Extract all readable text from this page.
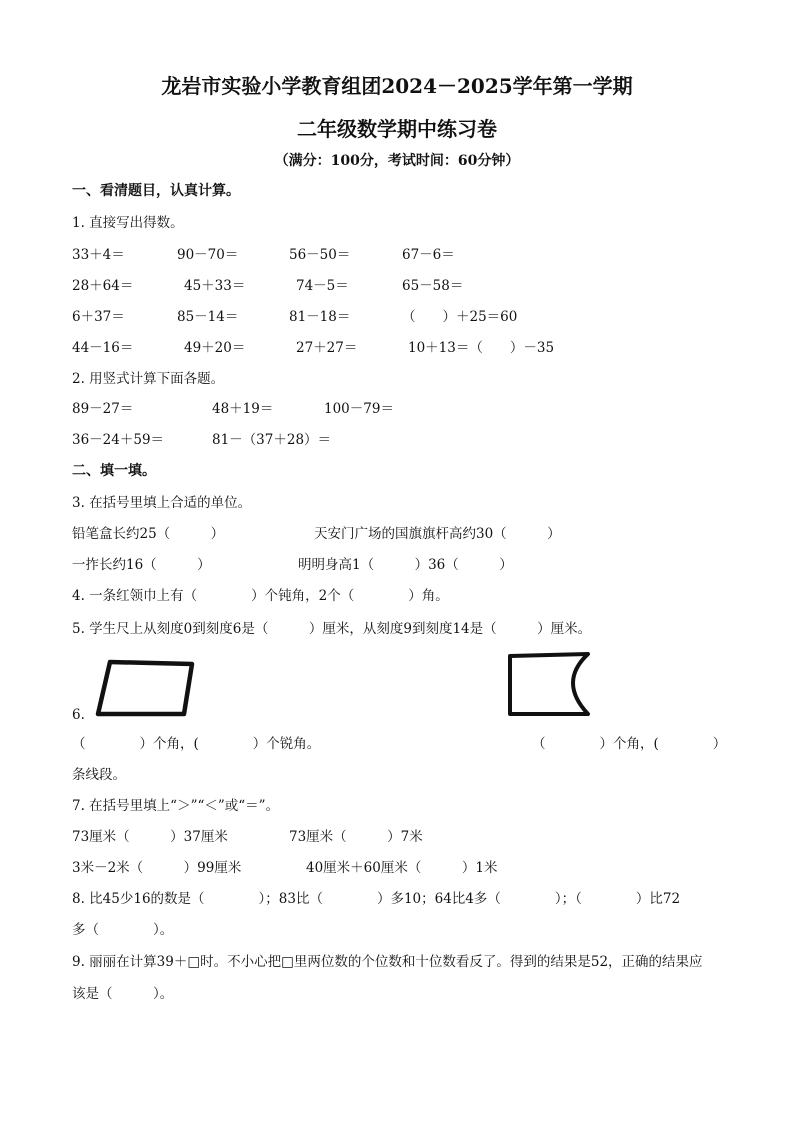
龙岩市实验小学教育组团2024－2025学年第一学期
二年级数学期中练习卷
（满分：100分，考试时间：60分钟）
一、看清题目，认真计算。
1. 直接写出得数。
33＋4＝	90－70＝	56－50＝	67－6＝
28＋64＝	45＋33＝	74－5＝	65－58＝
6＋37＝	85－14＝	81－18＝	（　　）＋25＝60
44－16＝	49＋20＝	27＋27＝	10＋13＝（　　）－35
2. 用竖式计算下面各题。
89－27＝	48＋19＝	100－79＝
36－24＋59＝	81－（37＋28）＝
二、填一填。
3. 在括号里填上合适的单位。
铅笔盒长约25（　　　）	天安门广场的国旗旗杆高约30（　　　）
一拃长约16（　　　）	明明身高1（　　　）36（　　　）
4. 一条红领巾上有（　　　　）个钝角，2个（　　　　）角。
5. 学生尺上从刻度0到刻度6是（　　　）厘米，从刻度9到刻度14是（　　　）厘米。
6.
（　　　　）个角，(　　　　）个锐角。	（　　　　）个角，(　　　　）
条线段。
7. 在括号里填上“＞”“＜”或“＝”。
73厘米（　　　）37厘米	73厘米（　　　）7米
3米－2米（　　　）99厘米	40厘米＋60厘米（　　　）1米
8. 比45少16的数是（　　　　）；83比（　　　　）多10；64比4多（　　　　）；（　　　　）比72
多（　　　　）。
9. 丽丽在计算39＋□时。不小心把□里两位数的个位数和十位数看反了。得到的结果是52，正确的结果应
该是（　　　）。
